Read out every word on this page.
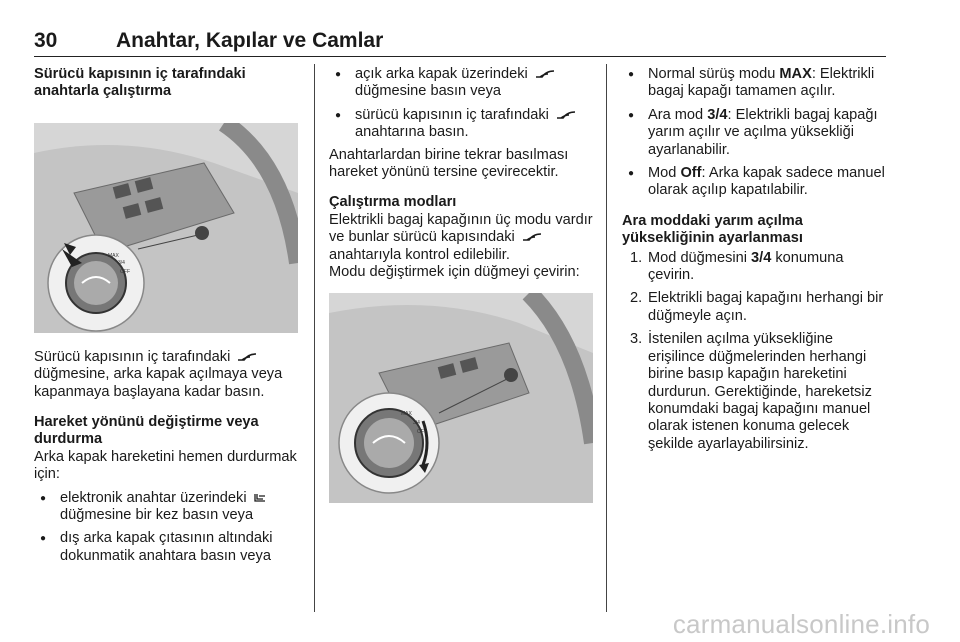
30	Anahtar, Kapılar ve Camlar
Sürücü kapısının iç tarafındaki anahtarla çalıştırma
MAX
3/4
OFF

Sürücü kapısının iç tarafındaki  düğmesine, arka kapak açılmaya veya kapanmaya başlayana kadar basın.

Hareket yönünü değiştirme veya durdurma

Arka kapak hareketini hemen durdurmak için:

● elektronik anahtar üzerindeki  düğmesine bir kez basın veya
● dış arka kapak çıtasının altındaki dokunmatik anahtara basın veya
● açık arka kapak üzerindeki  düğmesine basın veya
● sürücü kapısının iç tarafındaki  anahtarına basın.

Anahtarlardan birine tekrar basılması hareket yönünü tersine çevirecektir.

Çalıştırma modları

Elektrikli bagaj kapağının üç modu vardır ve bunlar sürücü kapısındaki  anahtarıyla kontrol edilebilir.

Modu değiştirmek için düğmeyi çevirin:

MAX
3/4
OFF
● Normal sürüş modu MAX: Elektrikli bagaj kapağı tamamen açılır.
● Ara mod 3/4: Elektrikli bagaj kapağı yarım açılır ve açılma yüksekliği ayarlanabilir.
● Mod Off: Arka kapak sadece manuel olarak açılıp kapatılabilir.
Ara moddaki yarım açılma yüksekliğinin ayarlanması
1. Mod düğmesini 3/4 konumuna çevirin.
2. Elektrikli bagaj kapağını herhangi bir düğmeyle açın.
3. İstenilen açılma yüksekliğine erişilince düğmelerinden herhangi birine basıp kapağın hareketini durdurun. Gerektiğinde, hareketsiz konumdaki bagaj kapağını manuel olarak istenen konuma gelecek şekilde ayarlayabilirsiniz.
carmanualsonline.info
